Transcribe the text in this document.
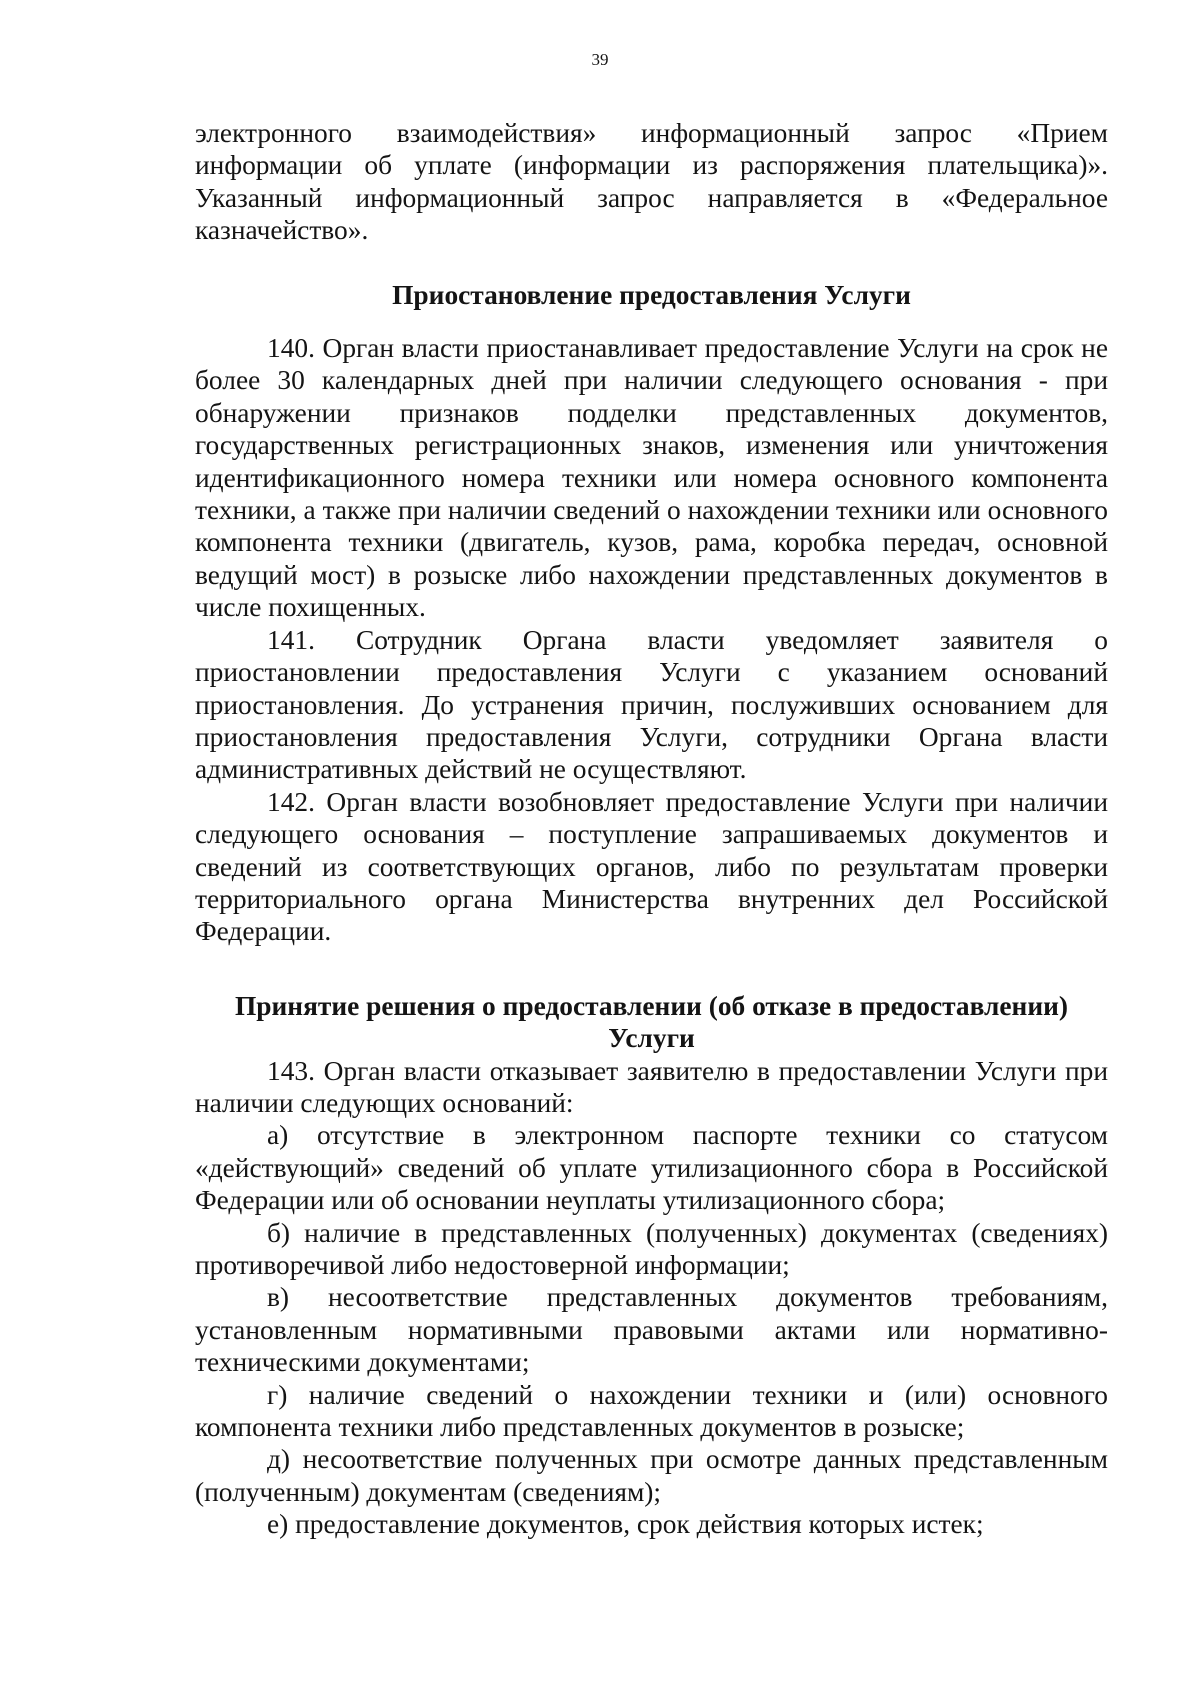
39

электронного взаимодействия» информационный запрос «Прием информации об уплате (информации из распоряжения плательщика)». Указанный информационный запрос направляется в «Федеральное казначейство».

Приостановление предоставления Услуги

140. Орган власти приостанавливает предоставление Услуги на срок не более 30 календарных дней при наличии следующего основания - при обнаружении признаков подделки представленных документов, государственных регистрационных знаков, изменения или уничтожения идентификационного номера техники или номера основного компонента техники, а также при наличии сведений о нахождении техники или основного компонента техники (двигатель, кузов, рама, коробка передач, основной ведущий мост) в розыске либо нахождении представленных документов в числе похищенных.

141. Сотрудник Органа власти уведомляет заявителя о приостановлении предоставления Услуги с указанием оснований приостановления. До устранения причин, послуживших основанием для приостановления предоставления Услуги, сотрудники Органа власти административных действий не осуществляют.

142. Орган власти возобновляет предоставление Услуги при наличии следующего основания – поступление запрашиваемых документов и сведений из соответствующих органов, либо по результатам проверки территориального органа Министерства внутренних дел Российской Федерации.

Принятие решения о предоставлении (об отказе в предоставлении) Услуги

143. Орган власти отказывает заявителю в предоставлении Услуги при наличии следующих оснований:

а) отсутствие в электронном паспорте техники со статусом «действующий» сведений об уплате утилизационного сбора в Российской Федерации или об основании неуплаты утилизационного сбора;

б) наличие в представленных (полученных) документах (сведениях) противоречивой либо недостоверной информации;

в) несоответствие представленных документов требованиям, установленным нормативными правовыми актами или нормативно-техническими документами;

г) наличие сведений о нахождении техники и (или) основного компонента техники либо представленных документов в розыске;

д) несоответствие полученных при осмотре данных представленным (полученным) документам (сведениям);

е) предоставление документов, срок действия которых истек;
